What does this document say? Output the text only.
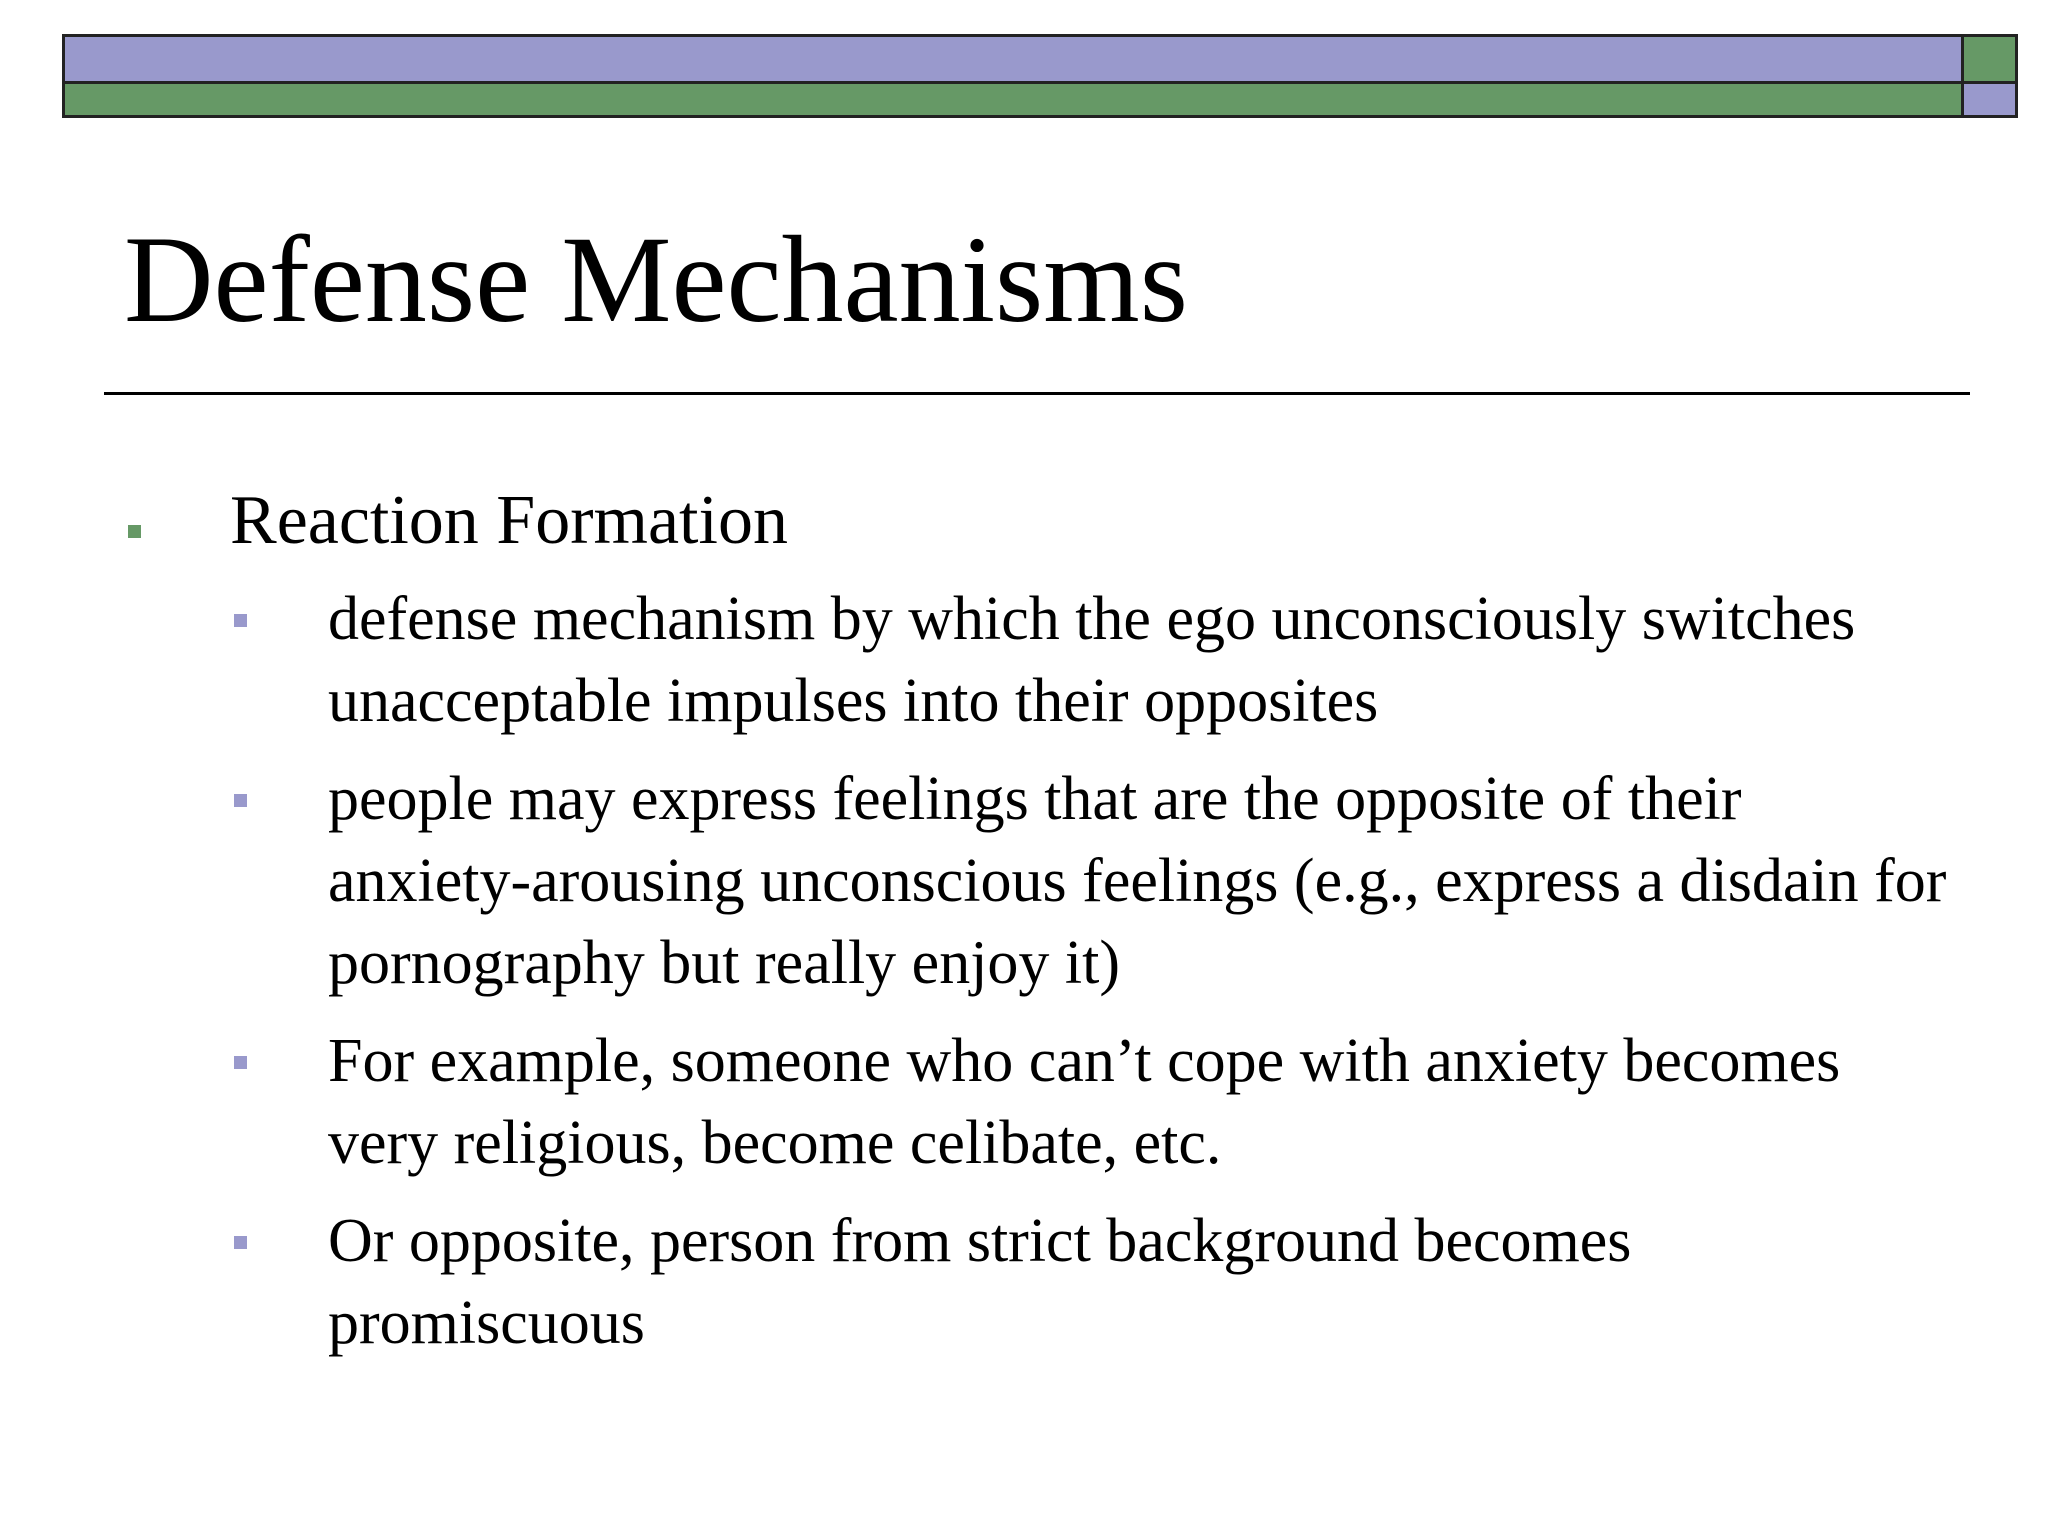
Defense Mechanisms
Reaction Formation
defense mechanism by which the ego unconsciously switches unacceptable impulses into their opposites
people may express feelings that are the opposite of their anxiety-arousing unconscious feelings (e.g., express a disdain for pornography but really enjoy it)
For example, someone who can’t cope with anxiety becomes very religious, become celibate, etc.
Or opposite, person from strict background becomes promiscuous
